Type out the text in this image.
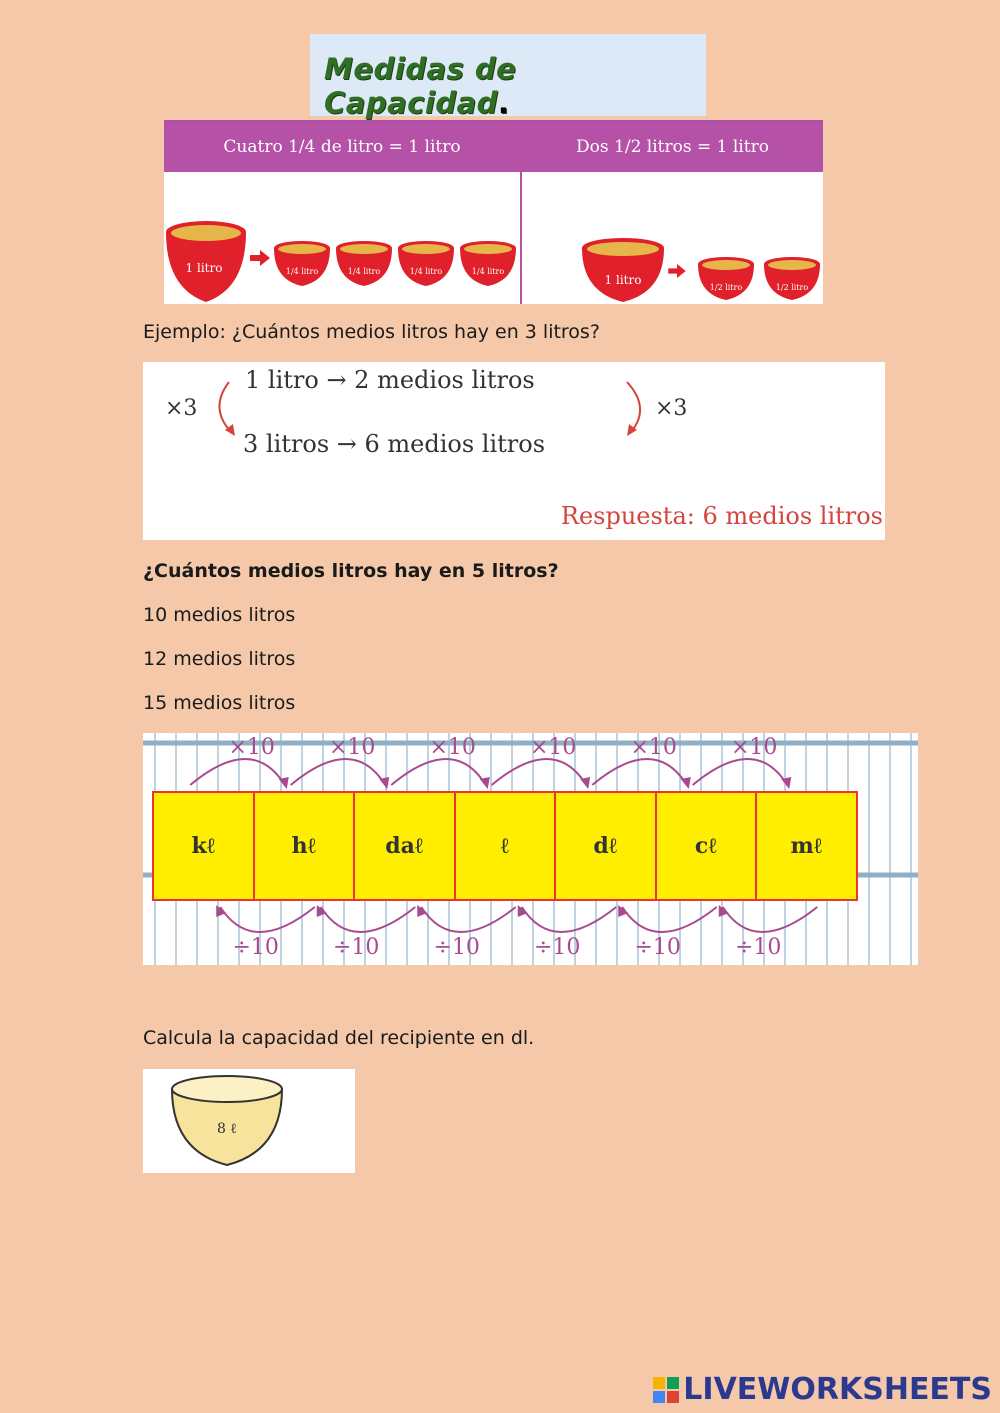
Medidas de Capacidad.
Cuatro 1/4 de litro = 1 litro	Dos 1/2 litros = 1 litro
1 litro	1/4 litro	1/4 litro	1/4 litro	1/4 litro
1 litro
1/2 litro	1/2 litro
Ejemplo: ¿Cuántos medios litros hay en 3 litros?
1 litro → 2 medios litros
3 litros → 6 medios litros
×3	×3
Respuesta: 6 medios litros
¿Cuántos medios litros hay en 5 litros?
10 medios litros
12 medios litros
15 medios litros
kℓ	hℓ	daℓ	ℓ	dℓ	cℓ	mℓ
×10
÷10
×10
÷10
×10
÷10
×10
÷10
×10
÷10
×10
÷10
Calcula la capacidad del recipiente en dl.
8 ℓ
LIVEWORKSHEETS
